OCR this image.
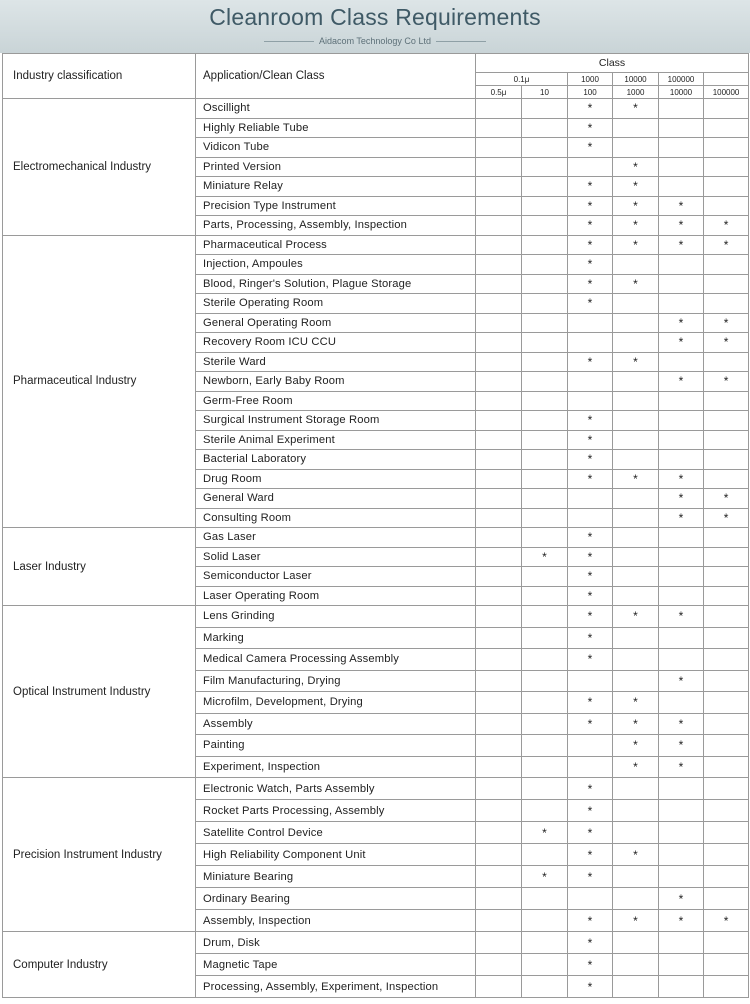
Cleanroom Class Requirements
Aidacom Technology Co Ltd
Industry classification	Application/Clean Class	Class					
		0.1μ		1000	10000	100000	
		0.5μ	10	100	1000	10000	100000
Electromechanical Industry	Oscillight			*	*		
	Highly Reliable Tube			*			
	Vidicon Tube			*			
	Printed Version				*		
	Miniature Relay			*	*		
	Precision Type Instrument			*	*	*	
	Parts, Processing, Assembly, Inspection			*	*	*	*
Pharmaceutical Industry	Pharmaceutical Process			*	*	*	*
	Injection, Ampoules			*			
	Blood, Ringer's Solution, Plague Storage			*	*		
	Sterile Operating Room			*			
	General Operating Room					*	*
	Recovery Room ICU CCU					*	*
	Sterile Ward			*	*		
	Newborn, Early Baby Room					*	*
	Germ-Free Room						
	Surgical Instrument Storage Room			*			
	Sterile Animal Experiment			*			
	Bacterial Laboratory			*			
	Drug Room			*	*	*	
	General Ward					*	*
	Consulting Room					*	*
Laser Industry	Gas Laser			*			
	Solid Laser		*	*			
	Semiconductor Laser			*			
	Laser Operating Room			*			
Optical Instrument Industry	Lens Grinding			*	*	*	
	Marking			*			
	Medical Camera Processing Assembly			*			
	Film Manufacturing, Drying					*	
	Microfilm, Development, Drying			*	*		
	Assembly			*	*	*	
	Painting				*	*	
	Experiment, Inspection				*	*	
Precision Instrument Industry	Electronic Watch, Parts Assembly			*			
	Rocket Parts Processing, Assembly			*			
	Satellite Control Device		*	*			
	High Reliability Component Unit			*	*		
	Miniature Bearing		*	*			
	Ordinary Bearing					*	
	Assembly, Inspection			*	*	*	*
Computer Industry	Drum, Disk			*			
	Magnetic Tape			*			
	Processing, Assembly, Experiment, Inspection			*			
